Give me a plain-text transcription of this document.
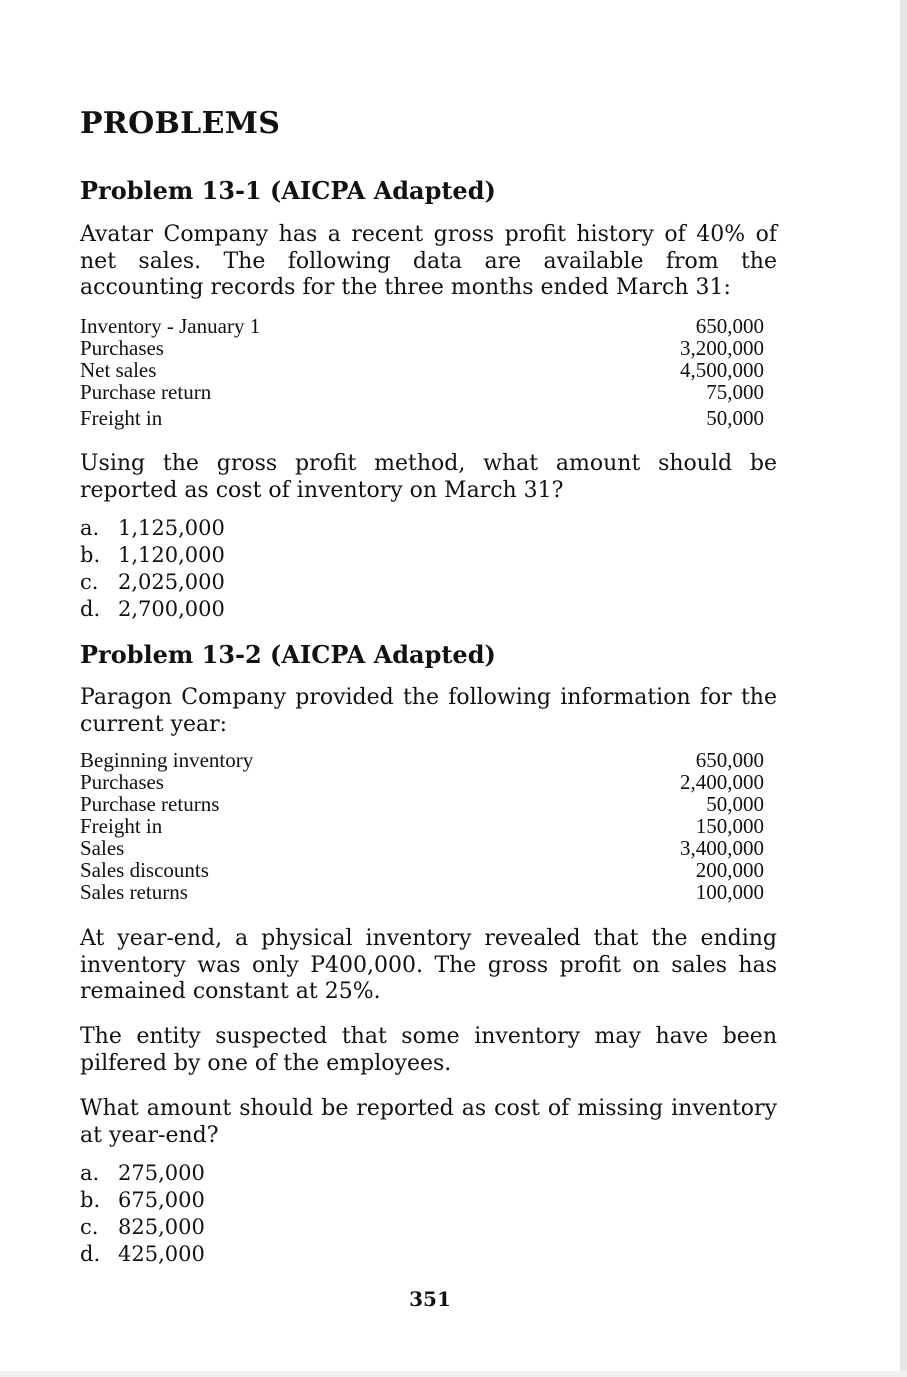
PROBLEMS
Problem 13-1 (AICPA Adapted)
Avatar Company has a recent gross profit history of 40% of net sales. The following data are available from the accounting records for the three months ended March 31:
Inventory - January 1	650,000
Purchases	3,200,000
Net sales	4,500,000
Purchase return	75,000
Freight in	50,000
Using the gross profit method, what amount should be reported as cost of inventory on March 31?
a. 1,125,000
b. 1,120,000
c. 2,025,000
d. 2,700,000
Problem 13-2 (AICPA Adapted)
Paragon Company provided the following information for the current year:
Beginning inventory	650,000
Purchases	2,400,000
Purchase returns	50,000
Freight in	150,000
Sales	3,400,000
Sales discounts	200,000
Sales returns	100,000
At year-end, a physical inventory revealed that the ending inventory was only P400,000. The gross profit on sales has remained constant at 25%.
The entity suspected that some inventory may have been pilfered by one of the employees.
What amount should be reported as cost of missing inventory at year-end?
a. 275,000
b. 675,000
c. 825,000
d. 425,000
351
